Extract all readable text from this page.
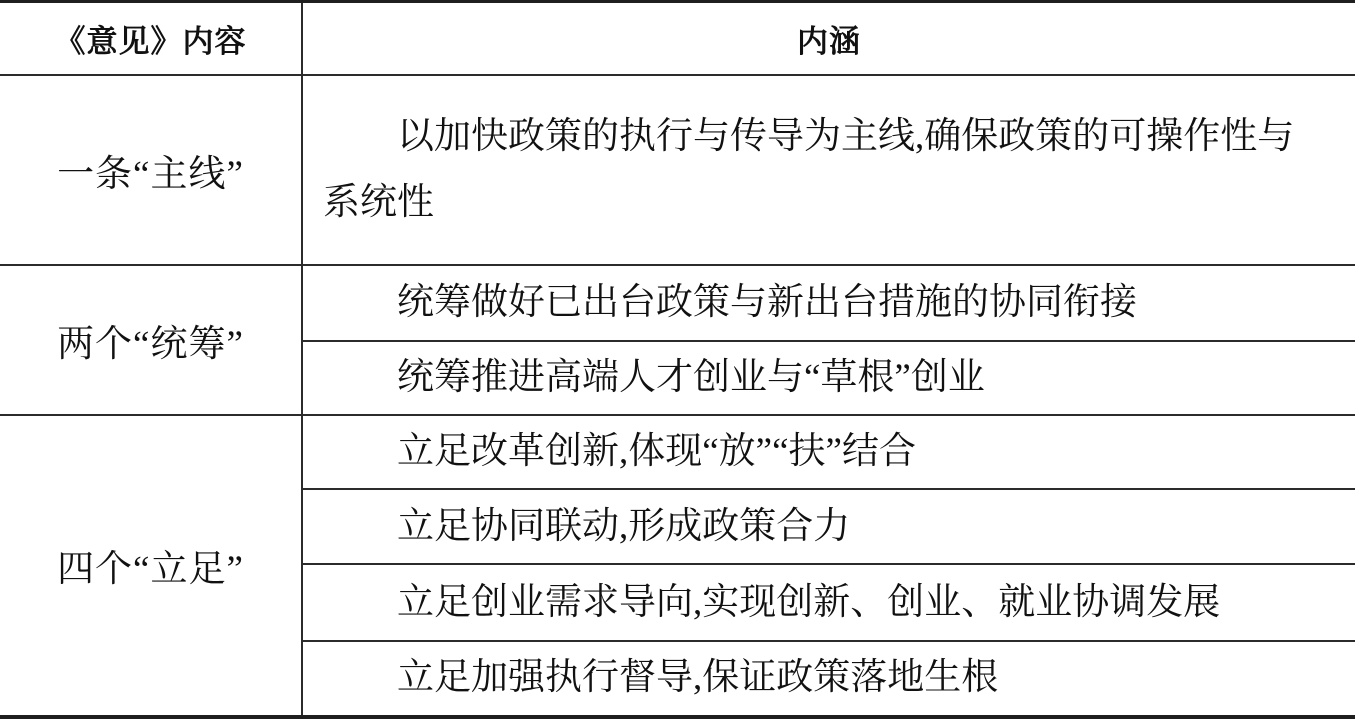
《意见》内容	内涵
一条“主线”	以加快政策的执行与传导为主线,确保政策的可操作性与
系统性

两个“统筹”	统筹做好已出台政策与新出台措施的协同衔接

	统筹推进高端人才创业与“草根”创业

四个“立足”	立足改革创新,体现“放”“扶”结合

	立足协同联动,形成政策合力

	立足创业需求导向,实现创新、创业、就业协调发展

	立足加强执行督导,保证政策落地生根
